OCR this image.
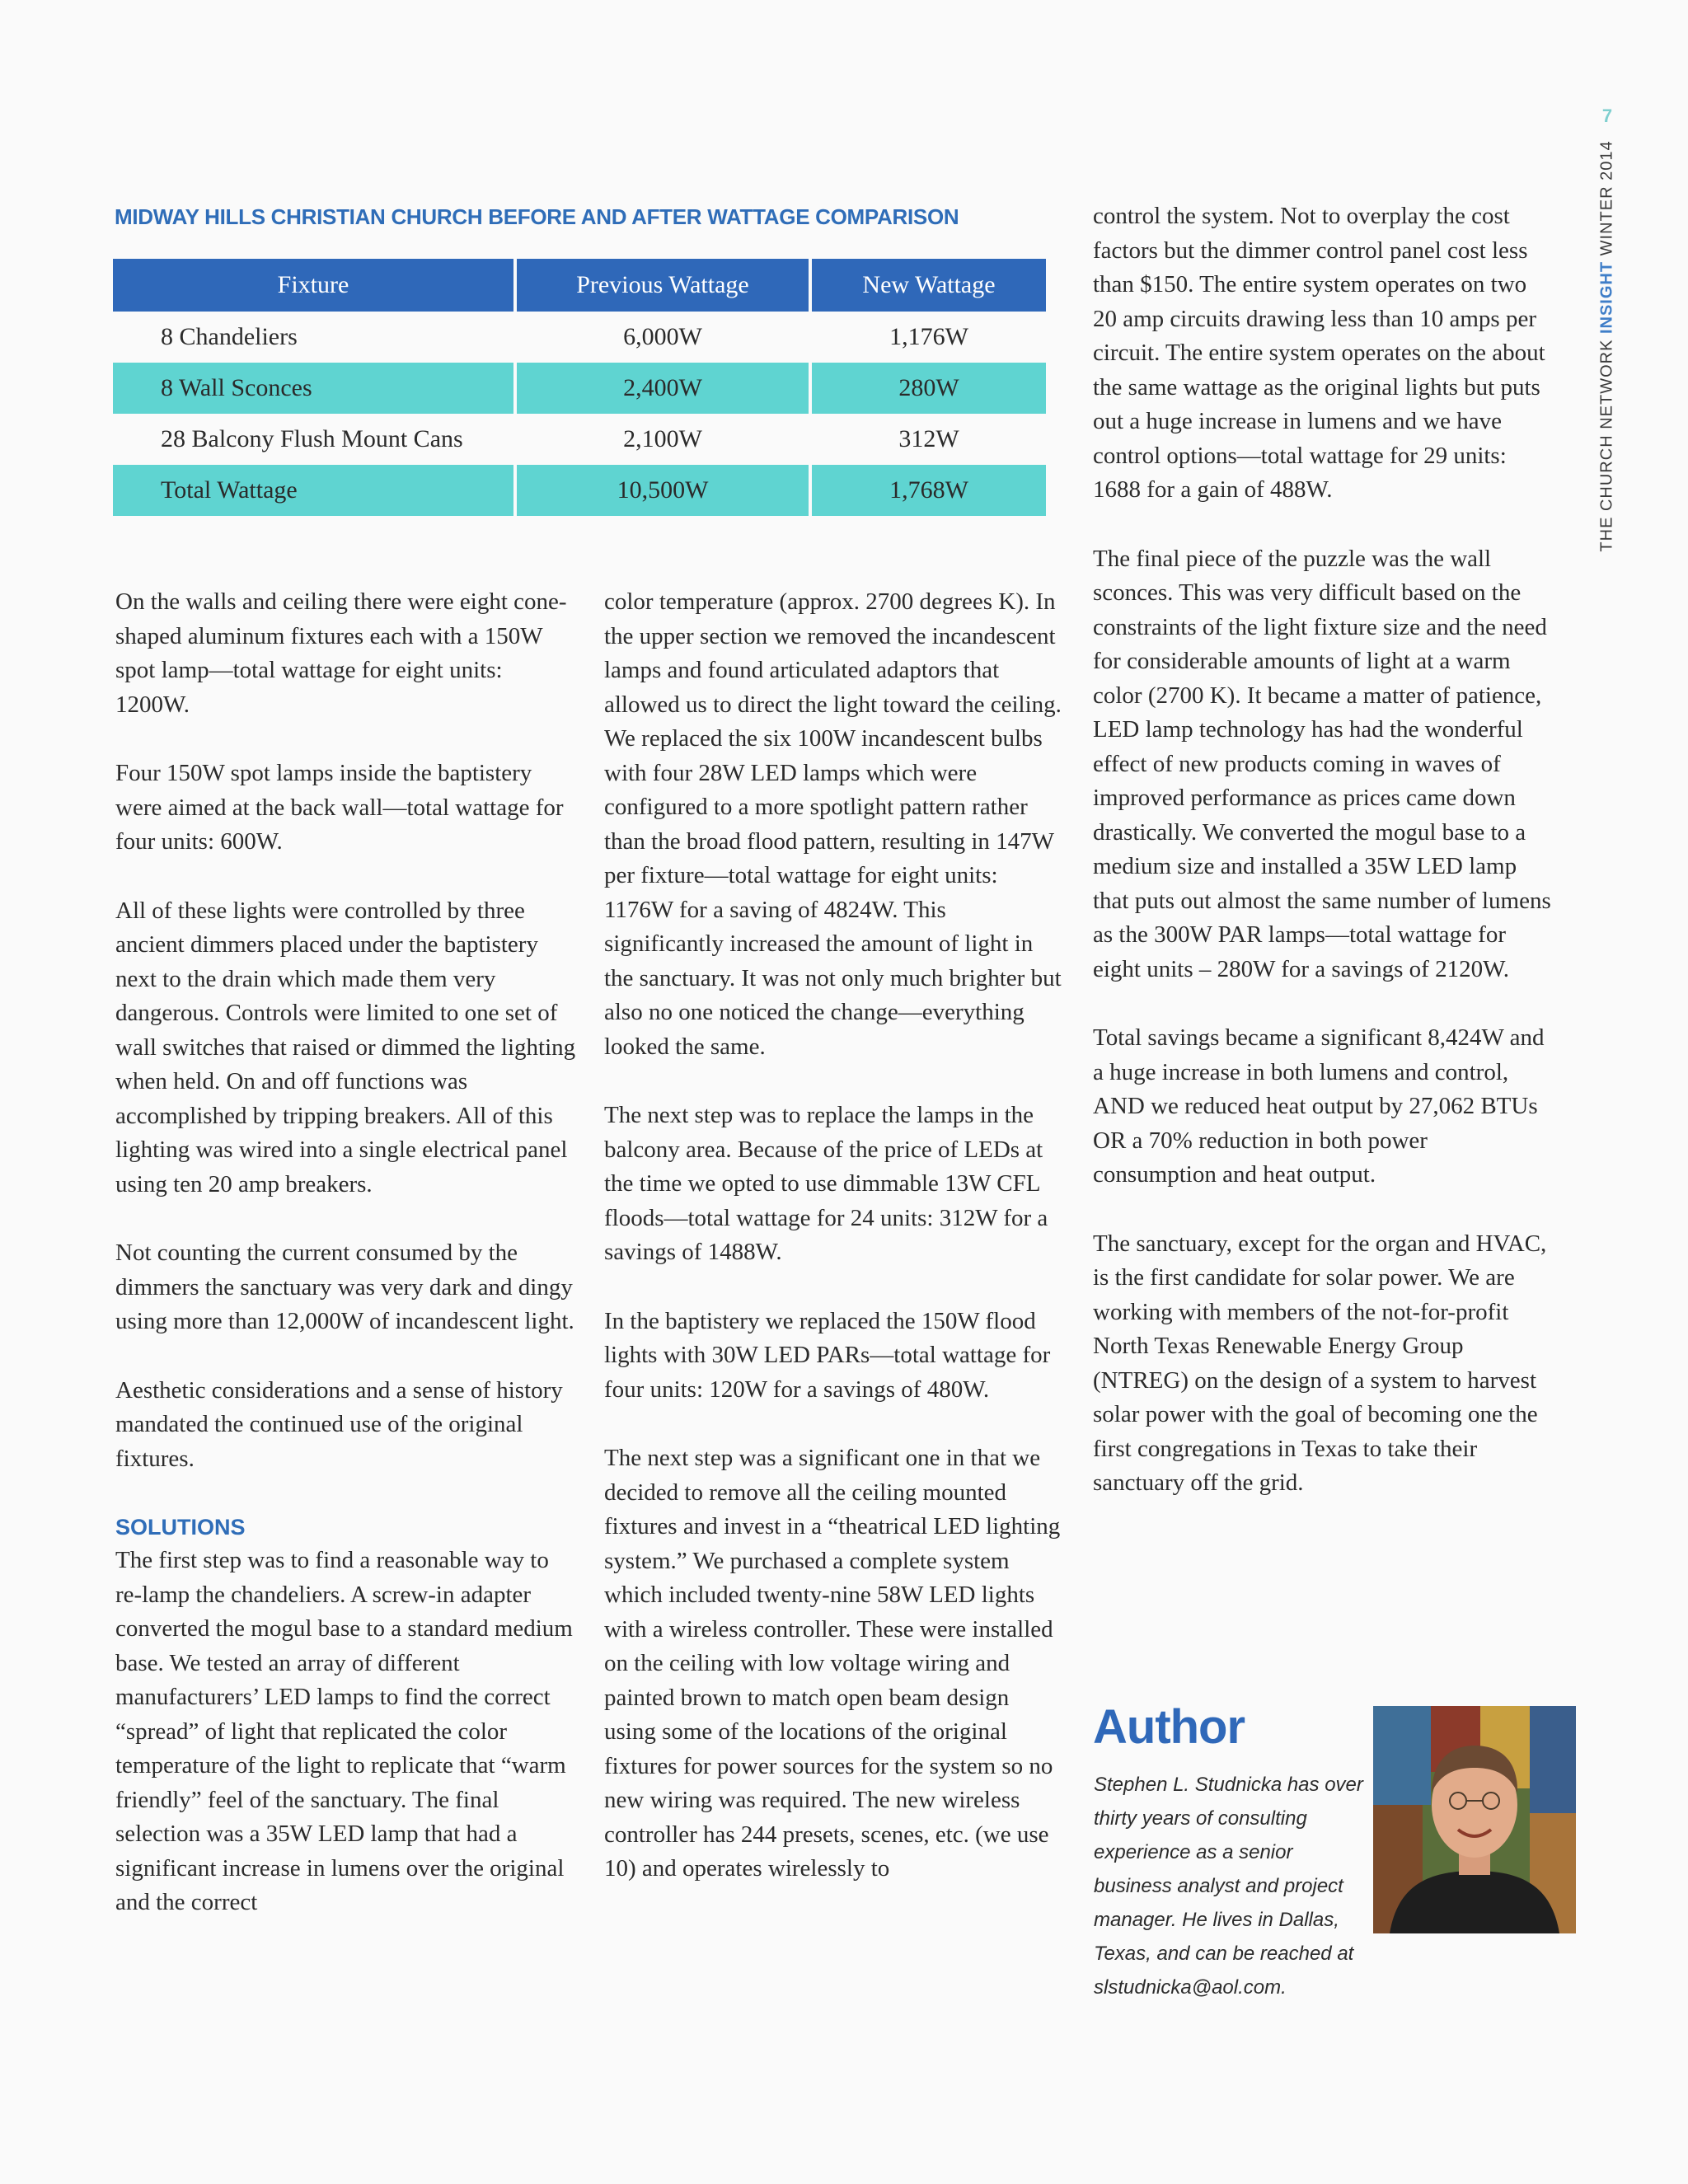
7
THE CHURCH NETWORK INSIGHT WINTER 2014
MIDWAY HILLS CHRISTIAN CHURCH BEFORE AND AFTER WATTAGE COMPARISON
Fixture	Previous Wattage	New Wattage
8 Chandeliers	6,000W	1,176W
8 Wall Sconces	2,400W	280W
28 Balcony Flush Mount Cans	2,100W	312W
Total Wattage	10,500W	1,768W

On the walls and ceiling there were eight cone-shaped aluminum fixtures each with a 150W spot lamp—total wattage for eight units: 1200W.

Four 150W spot lamps inside the baptistery were aimed at the back wall—total wattage for four units: 600W.

All of these lights were controlled by three ancient dimmers placed under the baptistery next to the drain which made them very dangerous. Controls were limited to one set of wall switches that raised or dimmed the lighting when held. On and off functions was accomplished by tripping breakers. All of this lighting was wired into a single electrical panel using ten 20 amp breakers.

Not counting the current consumed by the dimmers the sanctuary was very dark and dingy using more than 12,000W of incandescent light.

Aesthetic considerations and a sense of history mandated the continued use of the original fixtures.

SOLUTIONS

The first step was to find a reasonable way to re-lamp the chandeliers. A screw-in adapter converted the mogul base to a standard medium base. We tested an array of different manufacturers’ LED lamps to find the correct “spread” of light that replicated the color temperature of the light to replicate that “warm friendly” feel of the sanctuary. The final selection was a 35W LED lamp that had a significant increase in lumens over the original and the correct

color temperature (approx. 2700 degrees K). In the upper section we removed the incandescent lamps and found articulated adaptors that allowed us to direct the light toward the ceiling. We replaced the six 100W incandescent bulbs with four 28W LED lamps which were configured to a more spotlight pattern rather than the broad flood pattern, resulting in 147W per fixture—total wattage for eight units: 1176W for a saving of 4824W. This significantly increased the amount of light in the sanctuary. It was not only much brighter but also no one noticed the change—everything looked the same.

The next step was to replace the lamps in the balcony area. Because of the price of LEDs at the time we opted to use dimmable 13W CFL floods—total wattage for 24 units: 312W for a savings of 1488W.

In the baptistery we replaced the 150W flood lights with 30W LED PARs—total wattage for four units: 120W for a savings of 480W.

The next step was a significant one in that we decided to remove all the ceiling mounted fixtures and invest in a “theatrical LED lighting system.” We purchased a complete system which included twenty-nine 58W LED lights with a wireless controller. These were installed on the ceiling with low voltage wiring and painted brown to match open beam design using some of the locations of the original fixtures for power sources for the system so no new wiring was required. The new wireless controller has 244 presets, scenes, etc. (we use 10) and operates wirelessly to

control the system. Not to overplay the cost factors but the dimmer control panel cost less than $150. The entire system operates on two 20 amp circuits drawing less than 10 amps per circuit. The entire system operates on the about the same wattage as the original lights but puts out a huge increase in lumens and we have control options—total wattage for 29 units: 1688 for a gain of 488W.

The final piece of the puzzle was the wall sconces. This was very difficult based on the constraints of the light fixture size and the need for considerable amounts of light at a warm color (2700 K). It became a matter of patience, LED lamp technology has had the wonderful effect of new products coming in waves of improved performance as prices came down drastically. We converted the mogul base to a medium size and installed a 35W LED lamp that puts out almost the same number of lumens as the 300W PAR lamps—total wattage for eight units – 280W for a savings of 2120W.

Total savings became a significant 8,424W and a huge increase in both lumens and control, AND we reduced heat output by 27,062 BTUs OR a 70% reduction in both power consumption and heat output.

The sanctuary, except for the organ and HVAC, is the first candidate for solar power. We are working with members of the not-for-profit North Texas Renewable Energy Group (NTREG) on the design of a system to harvest solar power with the goal of becoming one the first congregations in Texas to take their sanctuary off the grid.

Author
Stephen L. Studnicka has over thirty years of consulting experience as a senior business analyst and project manager. He lives in Dallas, Texas, and can be reached at slstudnicka@aol.com.
